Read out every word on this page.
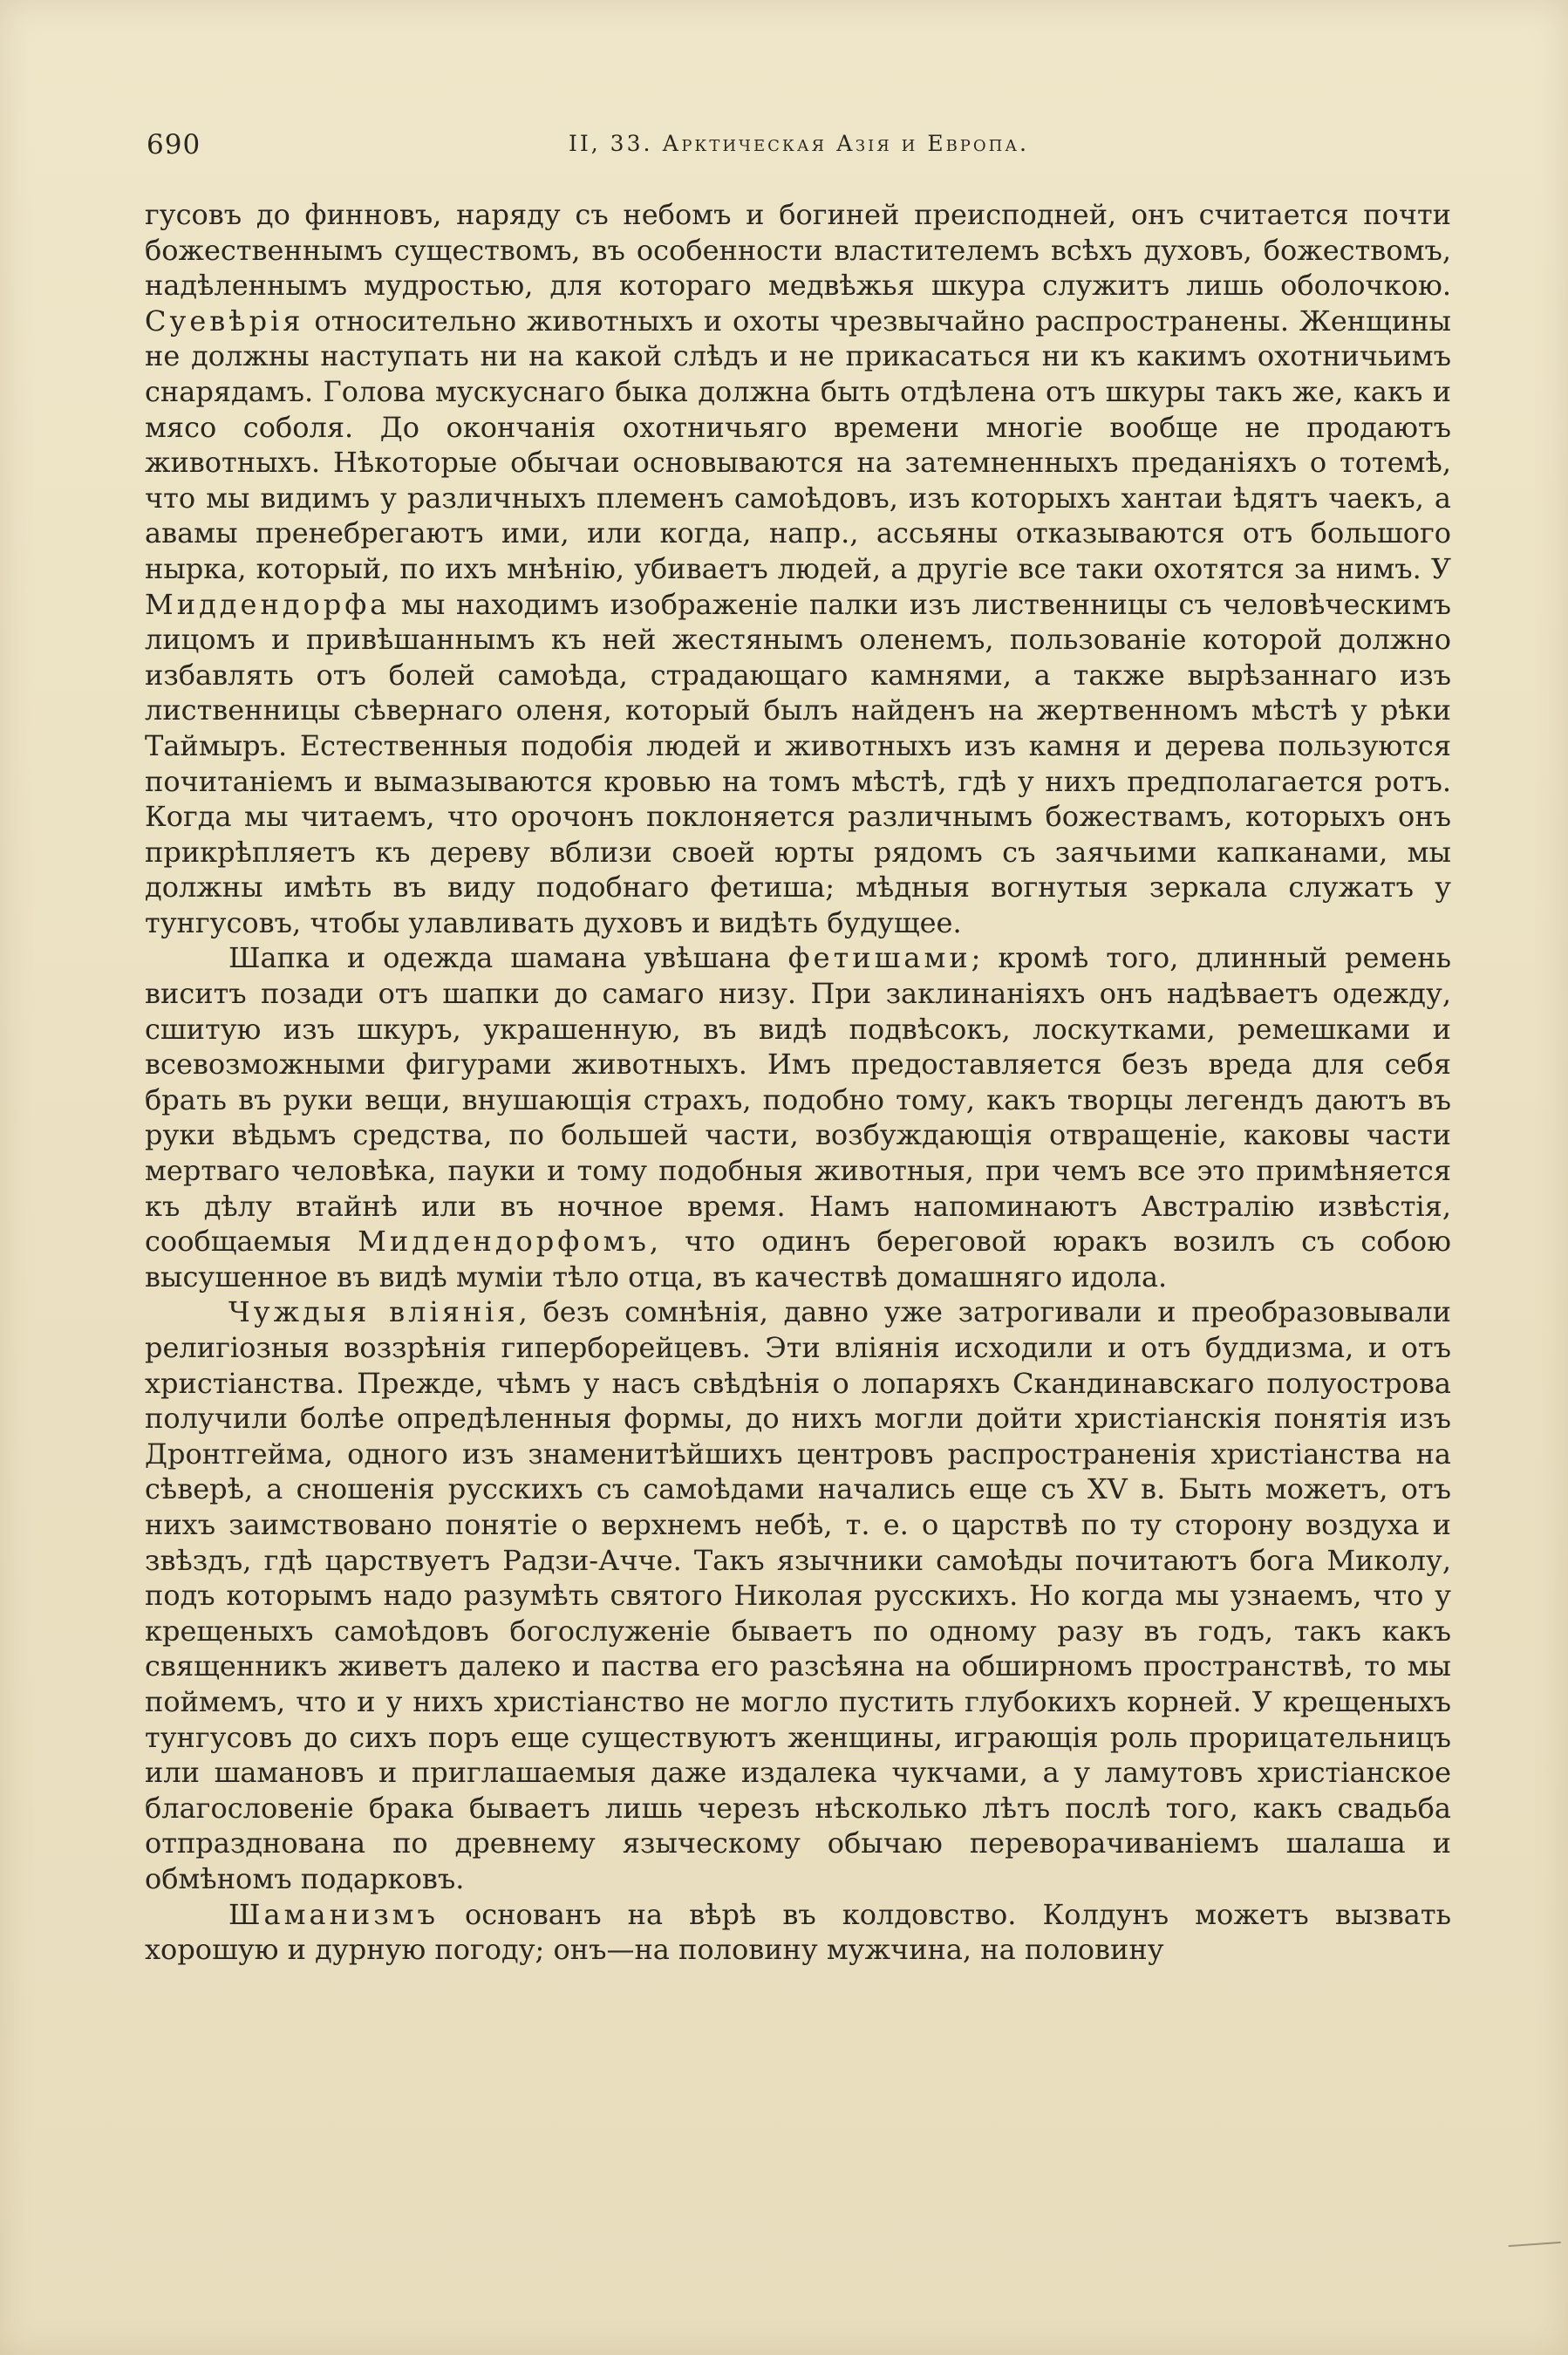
690	II, 33. Арктическая Азія и Европа.

гусовъ до финновъ, наряду съ небомъ и богиней преисподней, онъ считается почти божественнымъ существомъ, въ особенности властителемъ всѣхъ духовъ, божествомъ, надѣленнымъ мудростью, для котораго медвѣжья шкура служитъ лишь оболочкою. Суевѣрія относительно животныхъ и охоты чрезвычайно распространены. Женщины не должны наступать ни на какой слѣдъ и не прикасаться ни къ какимъ охотничьимъ снарядамъ. Голова мускуснаго быка должна быть отдѣлена отъ шкуры такъ же, какъ и мясо соболя. До окончанія охотничьяго времени многіе вообще не продаютъ животныхъ. Нѣкоторые обычаи основываются на затемненныхъ преданіяхъ о тотемѣ, что мы видимъ у различныхъ племенъ самоѣдовъ, изъ которыхъ хантаи ѣдятъ чаекъ, а авамы пренебрегаютъ ими, или когда, напр., ассьяны отказываются отъ большого нырка, который, по ихъ мнѣнію, убиваетъ людей, а другіе все таки охотятся за нимъ. У Миддендорфа мы находимъ изображеніе палки изъ лиственницы съ человѣческимъ лицомъ и привѣшаннымъ къ ней жестянымъ оленемъ, пользованіе которой должно избавлять отъ болей самоѣда, страдающаго камнями, а также вырѣзаннаго изъ лиственницы сѣвернаго оленя, который былъ найденъ на жертвенномъ мѣстѣ у рѣки Таймыръ. Естественныя подобія людей и животныхъ изъ камня и дерева пользуются почитаніемъ и вымазываются кровью на томъ мѣстѣ, гдѣ у нихъ предполагается ротъ. Когда мы читаемъ, что орочонъ поклоняется различнымъ божествамъ, которыхъ онъ прикрѣпляетъ къ дереву вблизи своей юрты рядомъ съ заячьими капканами, мы должны имѣть въ виду подобнаго фетиша; мѣдныя вогнутыя зеркала служатъ у тунгусовъ, чтобы улавливать духовъ и видѣть будущее.

Шапка и одежда шамана увѣшана фетишами; кромѣ того, длинный ремень виситъ позади отъ шапки до самаго низу. При заклинаніяхъ онъ надѣваетъ одежду, сшитую изъ шкуръ, украшенную, въ видѣ подвѣсокъ, лоскутками, ремешками и всевозможными фигурами животныхъ. Имъ предоставляется безъ вреда для себя брать въ руки вещи, внушающія страхъ, подобно тому, какъ творцы легендъ даютъ въ руки вѣдьмъ средства, по большей части, возбуждающія отвращеніе, каковы части мертваго человѣка, пауки и тому подобныя животныя, при чемъ все это примѣняется къ дѣлу втайнѣ или въ ночное время. Намъ напоминаютъ Австралію извѣстія, сообщаемыя Миддендорфомъ, что одинъ береговой юракъ возилъ съ собою высушенное въ видѣ муміи тѣло отца, въ качествѣ домашняго идола.

Чуждыя вліянія, безъ сомнѣнія, давно уже затрогивали и преобразовывали религіозныя воззрѣнія гиперборейцевъ. Эти вліянія исходили и отъ буддизма, и отъ христіанства. Прежде, чѣмъ у насъ свѣдѣнія о лопаряхъ Скандинавскаго полуострова получили болѣе опредѣленныя формы, до нихъ могли дойти христіанскія понятія изъ Дронтгейма, одного изъ знаменитѣйшихъ центровъ распространенія христіанства на сѣверѣ, а сношенія русскихъ съ самоѣдами начались еще съ XV в. Быть можетъ, отъ нихъ заимствовано понятіе о верхнемъ небѣ, т. е. о царствѣ по ту сторону воздуха и звѣздъ, гдѣ царствуетъ Радзи-Ачче. Такъ язычники самоѣды почитаютъ бога Миколу, подъ которымъ надо разумѣть святого Николая русскихъ. Но когда мы узнаемъ, что у крещеныхъ самоѣдовъ богослуженіе бываетъ по одному разу въ годъ, такъ какъ священникъ живетъ далеко и паства его разсѣяна на обширномъ пространствѣ, то мы поймемъ, что и у нихъ христіанство не могло пустить глубокихъ корней. У крещеныхъ тунгусовъ до сихъ поръ еще существуютъ женщины, играющія роль прорицательницъ или шамановъ и приглашаемыя даже издалека чукчами, а у ламутовъ христіанское благословеніе брака бываетъ лишь черезъ нѣсколько лѣтъ послѣ того, какъ свадьба отпразднована по древнему языческому обычаю переворачиваніемъ шалаша и обмѣномъ подарковъ.

Шаманизмъ основанъ на вѣрѣ въ колдовство. Колдунъ можетъ вызвать хорошую и дурную погоду; онъ—на половину мужчина, на половину
